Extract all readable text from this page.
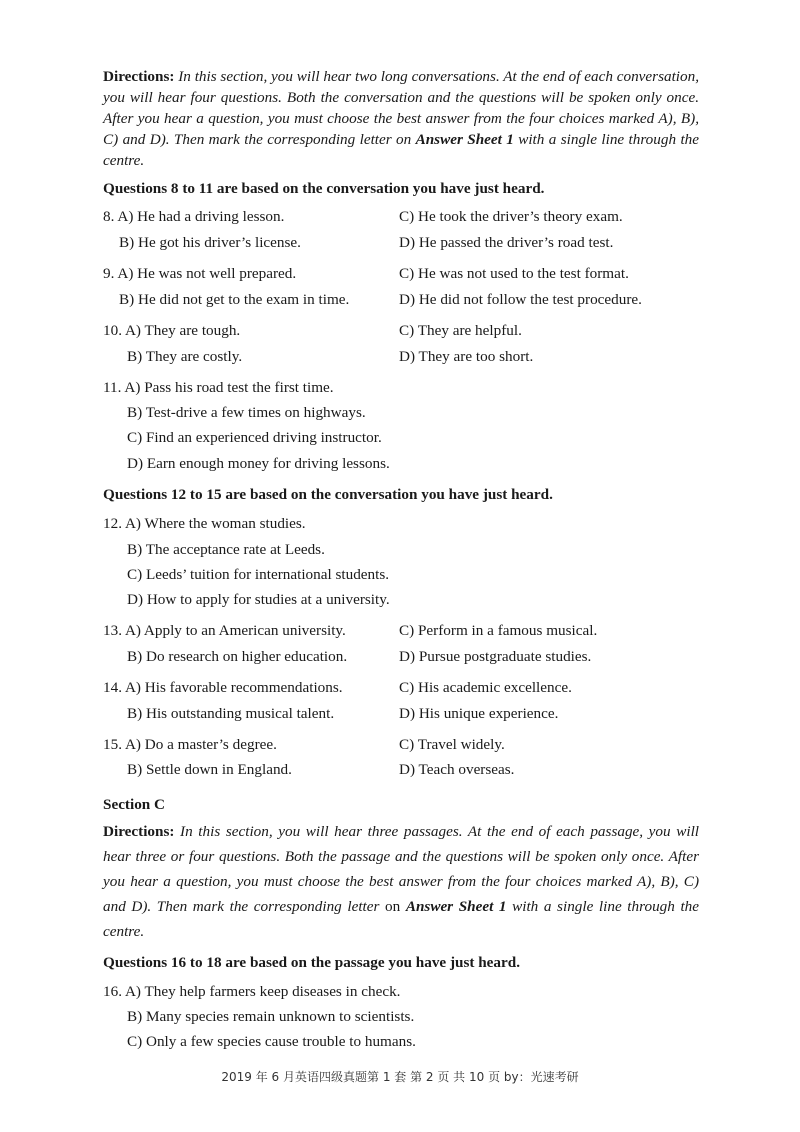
Directions: In this section, you will hear two long conversations. At the end of each conversation, you will hear four questions. Both the conversation and the questions will be spoken only once. After you hear a question, you must choose the best answer from the four choices marked A), B), C) and D). Then mark the corresponding letter on Answer Sheet 1 with a single line through the centre.
Questions 8 to 11 are based on the conversation you have just heard.
8. A) He had a driving lesson.	C) He took the driver’s theory exam.
B) He got his driver’s license.	D) He passed the driver’s road test.
9. A) He was not well prepared.	C) He was not used to the test format.
B) He did not get to the exam in time.	D) He did not follow the test procedure.
10. A) They are tough.	C) They are helpful.
B) They are costly.	D) They are too short.
11. A) Pass his road test the first time.
B) Test-drive a few times on highways.
C) Find an experienced driving instructor.
D) Earn enough money for driving lessons.
Questions 12 to 15 are based on the conversation you have just heard.
12. A) Where the woman studies.
B) The acceptance rate at Leeds.
C) Leeds’ tuition for international students.
D) How to apply for studies at a university.
13. A) Apply to an American university.	C) Perform in a famous musical.
B) Do research on higher education.	D) Pursue postgraduate studies.
14. A) His favorable recommendations.	C) His academic excellence.
B) His outstanding musical talent.	D) His unique experience.
15. A) Do a master’s degree.	C) Travel widely.
B) Settle down in England.	D) Teach overseas.
Section C
Directions: In this section, you will hear three passages. At the end of each passage, you will hear three or four questions. Both the passage and the questions will be spoken only once. After you hear a question, you must choose the best answer from the four choices marked A), B), C) and D). Then mark the corresponding letter on Answer Sheet 1 with a single line through the centre.
Questions 16 to 18 are based on the passage you have just heard.
16. A) They help farmers keep diseases in check.
B) Many species remain unknown to scientists.
C) Only a few species cause trouble to humans.
2019 年 6 月英语四级真题第 1 套 第 2 页 共 10 页 by：光速考研
